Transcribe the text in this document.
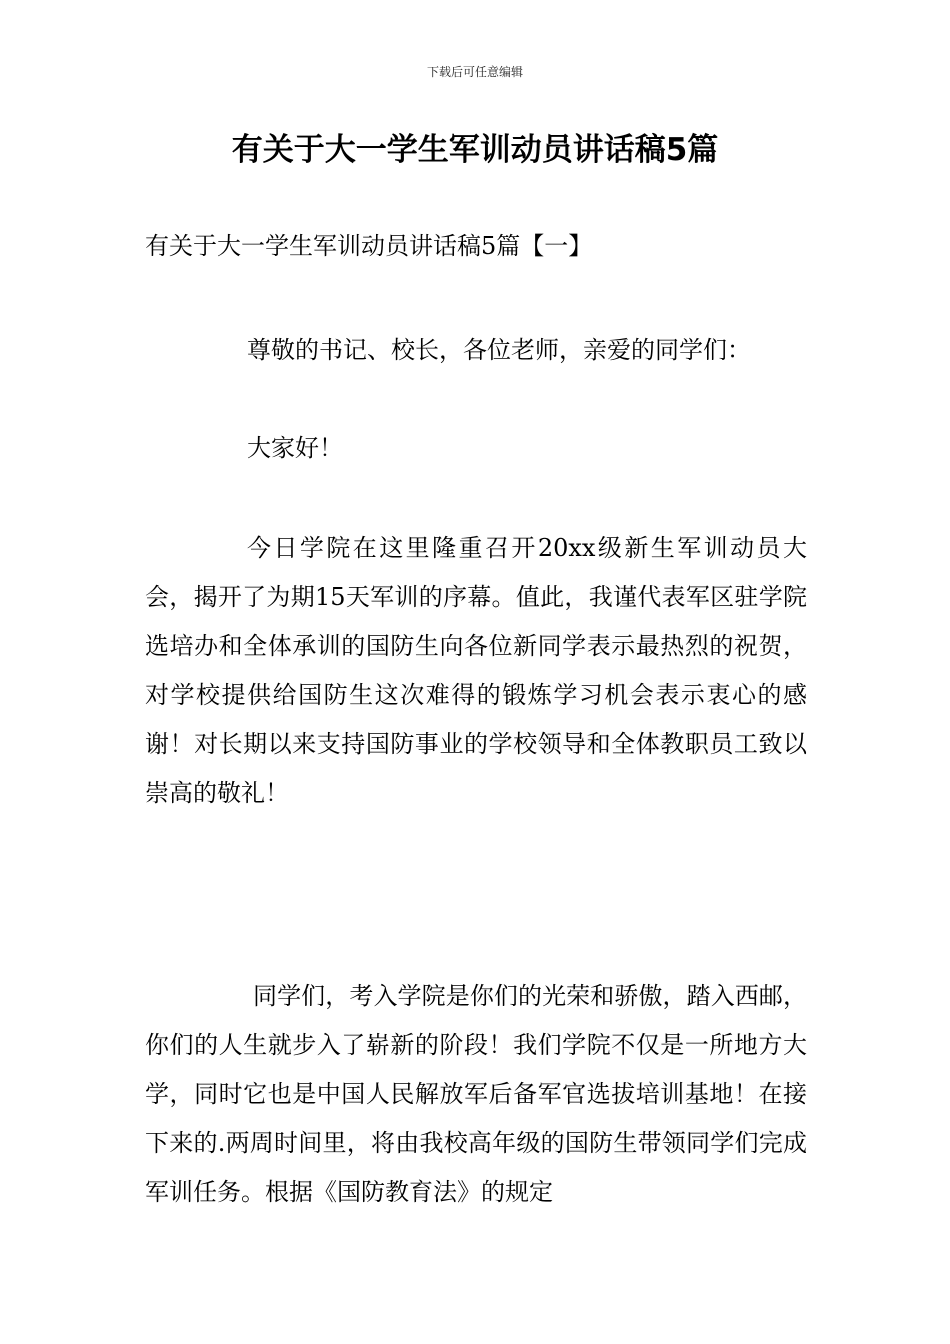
下载后可任意编辑
有关于大一学生军训动员讲话稿5篇
有关于大一学生军训动员讲话稿5篇【一】

尊敬的书记、校长，各位老师，亲爱的同学们：

大家好！

今日学院在这里隆重召开20xx级新生军训动员大会，揭开了为期15天军训的序幕。值此，我谨代表军区驻学院选培办和全体承训的国防生向各位新同学表示最热烈的祝贺，对学校提供给国防生这次难得的锻炼学习机会表示衷心的感谢！对长期以来支持国防事业的学校领导和全体教职员工致以崇高的敬礼！

同学们，考入学院是你们的光荣和骄傲，踏入西邮，你们的人生就步入了崭新的阶段！我们学院不仅是一所地方大学，同时它也是中国人民解放军后备军官选拔培训基地！在接下来的.两周时间里，将由我校高年级的国防生带领同学们完成军训任务。根据《国防教育法》的规定
